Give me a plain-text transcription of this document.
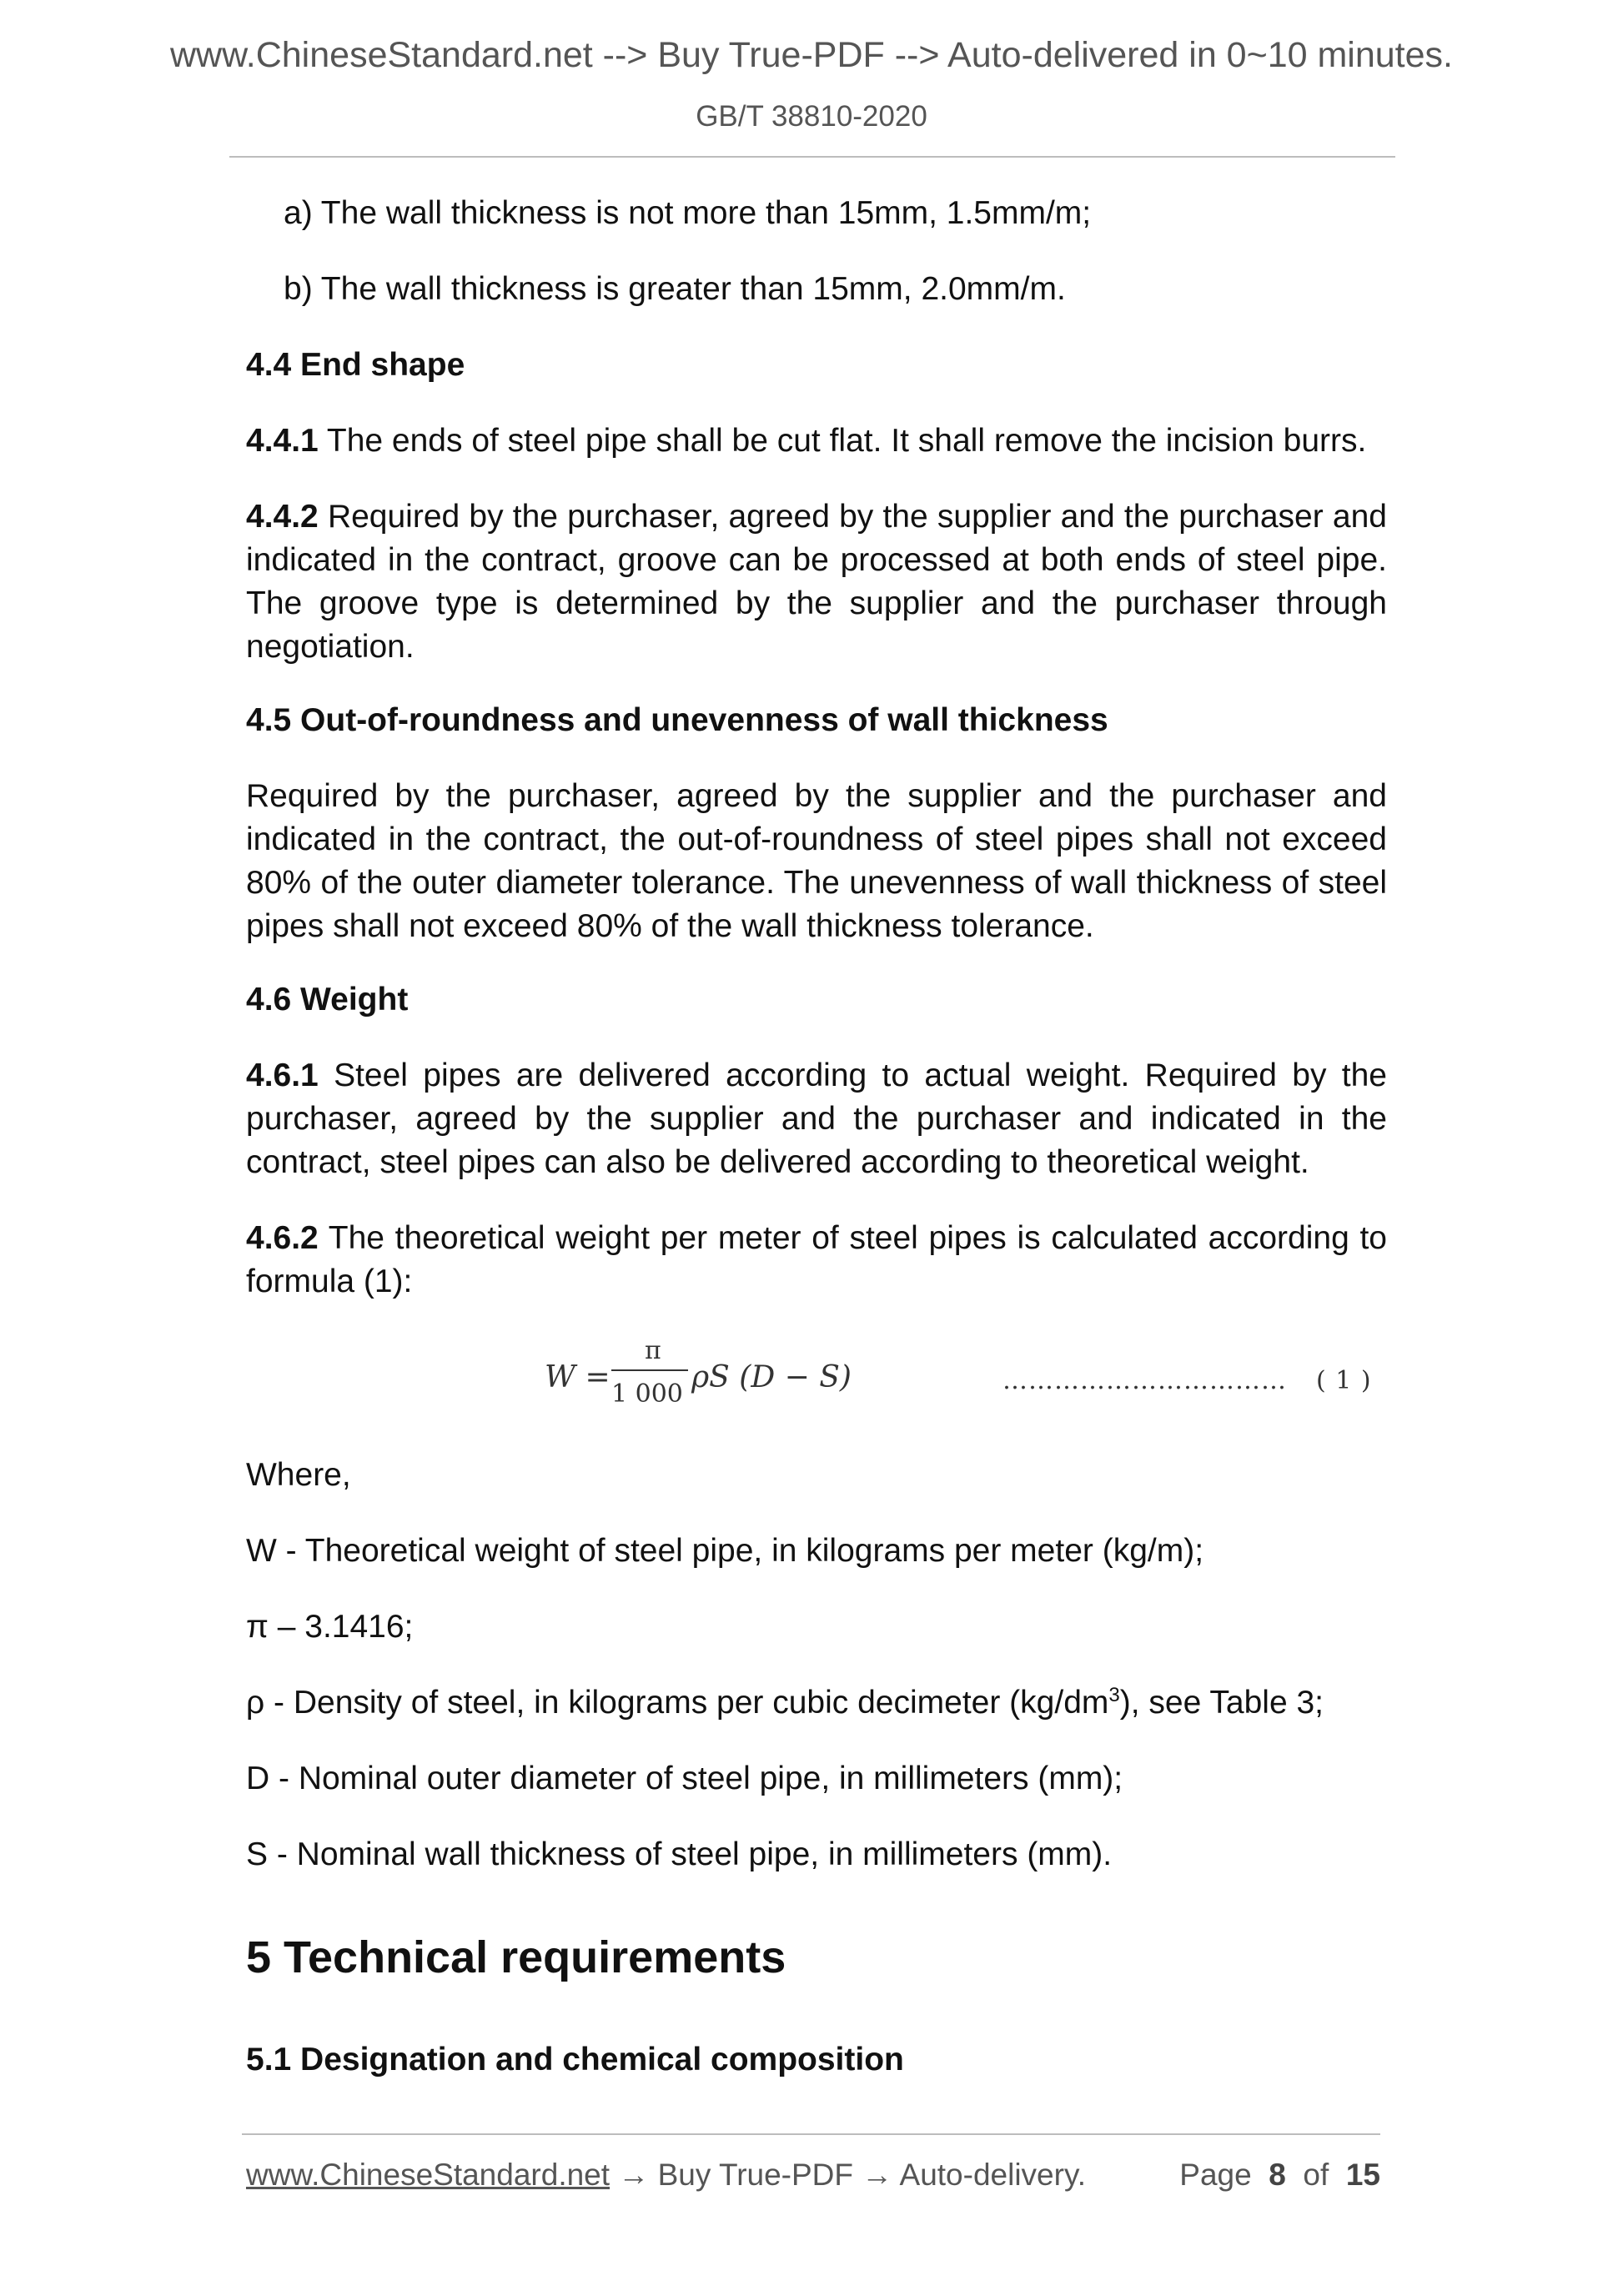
www.ChineseStandard.net --> Buy True-PDF --> Auto-delivered in 0~10 minutes.
GB/T 38810-2020

a) The wall thickness is not more than 15mm, 1.5mm/m;

b) The wall thickness is greater than 15mm, 2.0mm/m.

4.4 End shape

4.4.1 The ends of steel pipe shall be cut flat. It shall remove the incision burrs.

4.4.2 Required by the purchaser, agreed by the supplier and the purchaser and indicated in the contract, groove can be processed at both ends of steel pipe. The groove type is determined by the supplier and the purchaser through negotiation.

4.5 Out-of-roundness and unevenness of wall thickness

Required by the purchaser, agreed by the supplier and the purchaser and indicated in the contract, the out-of-roundness of steel pipes shall not exceed 80% of the outer diameter tolerance. The unevenness of wall thickness of steel pipes shall not exceed 80% of the wall thickness tolerance.

4.6 Weight

4.6.1 Steel pipes are delivered according to actual weight. Required by the purchaser, agreed by the supplier and the purchaser and indicated in the contract, steel pipes can also be delivered according to theoretical weight.

4.6.2 The theoretical weight per meter of steel pipes is calculated according to formula (1):

W =
π
1 000 ρS (D − S)	…………………………… ( 1 )

Where,

W - Theoretical weight of steel pipe, in kilograms per meter (kg/m);

π – 3.1416;

ρ - Density of steel, in kilograms per cubic decimeter $(kg/dm^3)$, see Table 3;

D - Nominal outer diameter of steel pipe, in millimeters (mm);

S - Nominal wall thickness of steel pipe, in millimeters (mm).

5 Technical requirements

5.1 Designation and chemical composition

www.ChineseStandard.net → Buy True-PDF → Auto-delivery.	Page 8 of 15
